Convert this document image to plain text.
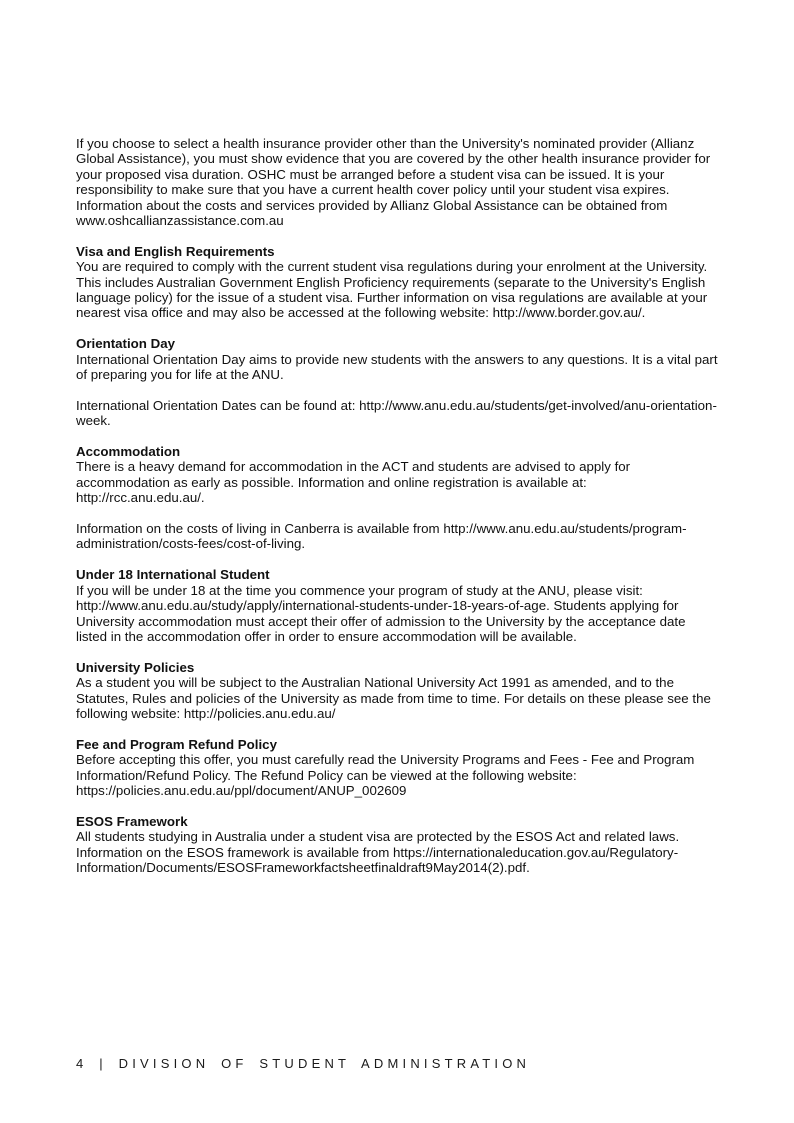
If you choose to select a health insurance provider other than the University's nominated provider (Allianz Global Assistance), you must show evidence that you are covered by the other health insurance provider for your proposed visa duration. OSHC must be arranged before a student visa can be issued. It is your responsibility to make sure that you have a current health cover policy until your student visa expires. Information about the costs and services provided by Allianz Global Assistance can be obtained from www.oshcallianzassistance.com.au

Visa and English Requirements

You are required to comply with the current student visa regulations during your enrolment at the University. This includes Australian Government English Proficiency requirements (separate to the University's English language policy) for the issue of a student visa. Further information on visa regulations are available at your nearest visa office and may also be accessed at the following website: http://www.border.gov.au/.

Orientation Day

International Orientation Day aims to provide new students with the answers to any questions. It is a vital part of preparing you for life at the ANU.

International Orientation Dates can be found at: http://www.anu.edu.au/students/get-involved/anu-orientation-week.

Accommodation

There is a heavy demand for accommodation in the ACT and students are advised to apply for accommodation as early as possible. Information and online registration is available at: http://rcc.anu.edu.au/.

Information on the costs of living in Canberra is available from http://www.anu.edu.au/students/program-administration/costs-fees/cost-of-living.

Under 18 International Student

If you will be under 18 at the time you commence your program of study at the ANU, please visit: http://www.anu.edu.au/study/apply/international-students-under-18-years-of-age. Students applying for University accommodation must accept their offer of admission to the University by the acceptance date listed in the accommodation offer in order to ensure accommodation will be available.

University Policies

As a student you will be subject to the Australian National University Act 1991 as amended, and to the Statutes, Rules and policies of the University as made from time to time. For details on these please see the following website: http://policies.anu.edu.au/

Fee and Program Refund Policy

Before accepting this offer, you must carefully read the University Programs and Fees - Fee and Program Information/Refund Policy. The Refund Policy can be viewed at the following website: https://policies.anu.edu.au/ppl/document/ANUP_002609

ESOS Framework

All students studying in Australia under a student visa are protected by the ESOS Act and related laws. Information on the ESOS framework is available from https://internationaleducation.gov.au/Regulatory-Information/Documents/ESOSFrameworkfactsheetfinaldraft9May2014(2).pdf.

4 | DIVISION OF STUDENT ADMINISTRATION
